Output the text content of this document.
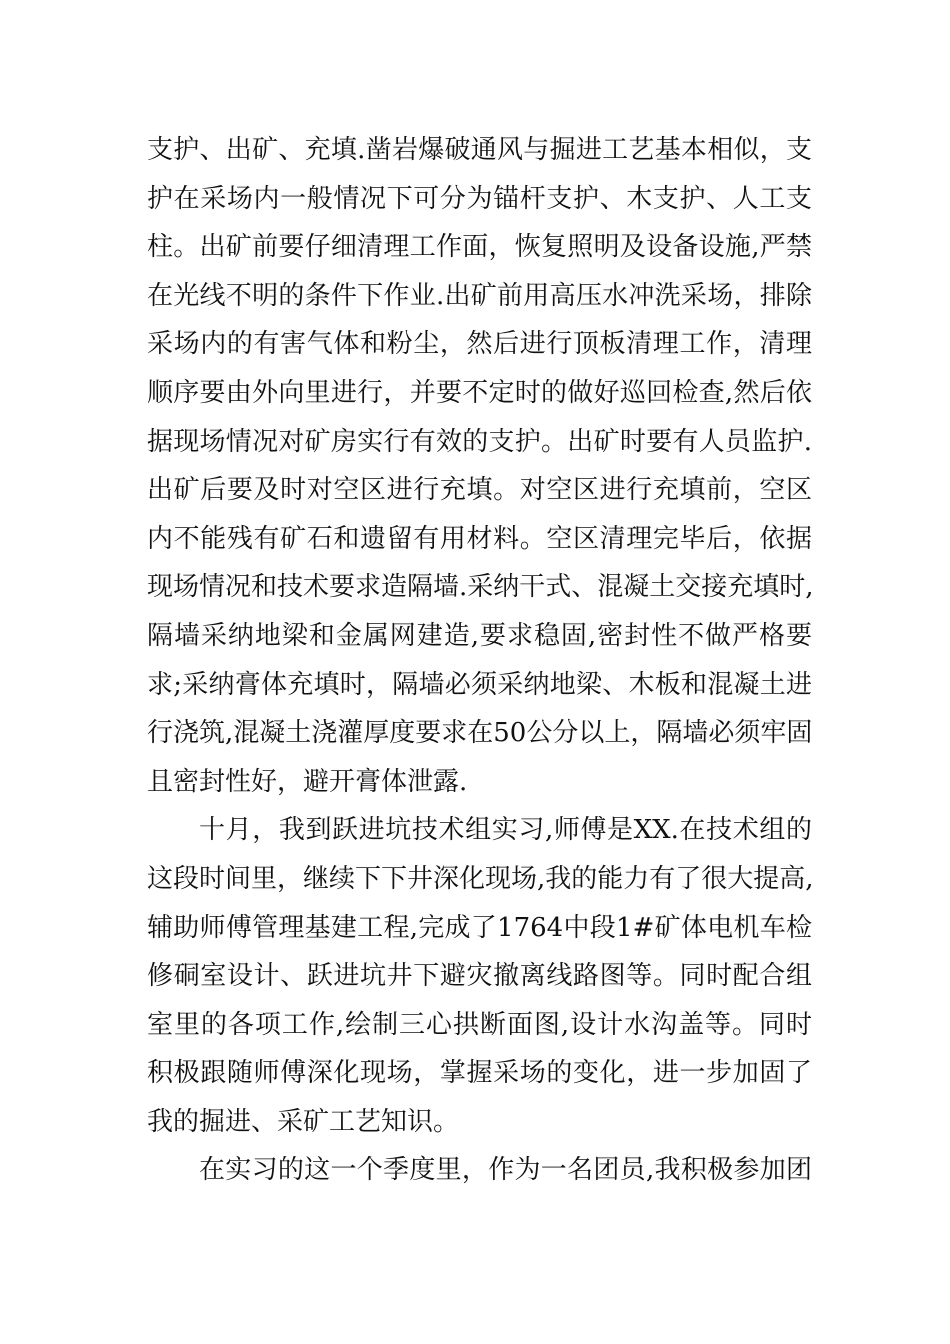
支护、出矿、充填.凿岩爆破通风与掘进工艺基本相似，支
护在采场内一般情况下可分为锚杆支护、木支护、人工支
柱。出矿前要仔细清理工作面，恢复照明及设备设施,严禁
在光线不明的条件下作业.出矿前用高压水冲洗采场，排除
采场内的有害气体和粉尘，然后进行顶板清理工作，清理
顺序要由外向里进行，并要不定时的做好巡回检查,然后依
据现场情况对矿房实行有效的支护。出矿时要有人员监护.
出矿后要及时对空区进行充填。对空区进行充填前，空区
内不能残有矿石和遗留有用材料。空区清理完毕后，依据
现场情况和技术要求造隔墙.采纳干式、混凝土交接充填时,
隔墙采纳地梁和金属网建造,要求稳固,密封性不做严格要
求;采纳膏体充填时，隔墙必须采纳地梁、木板和混凝土进
行浇筑,混凝土浇灌厚度要求在50公分以上，隔墙必须牢固
且密封性好，避开膏体泄露.
十月，我到跃进坑技术组实习,师傅是XX.在技术组的
这段时间里，继续下下井深化现场,我的能力有了很大提高,
辅助师傅管理基建工程,完成了1764中段1#矿体电机车检
修硐室设计、跃进坑井下避灾撤离线路图等。同时配合组
室里的各项工作,绘制三心拱断面图,设计水沟盖等。同时
积极跟随师傅深化现场，掌握采场的变化，进一步加固了
我的掘进、采矿工艺知识。
在实习的这一个季度里，作为一名团员,我积极参加团
